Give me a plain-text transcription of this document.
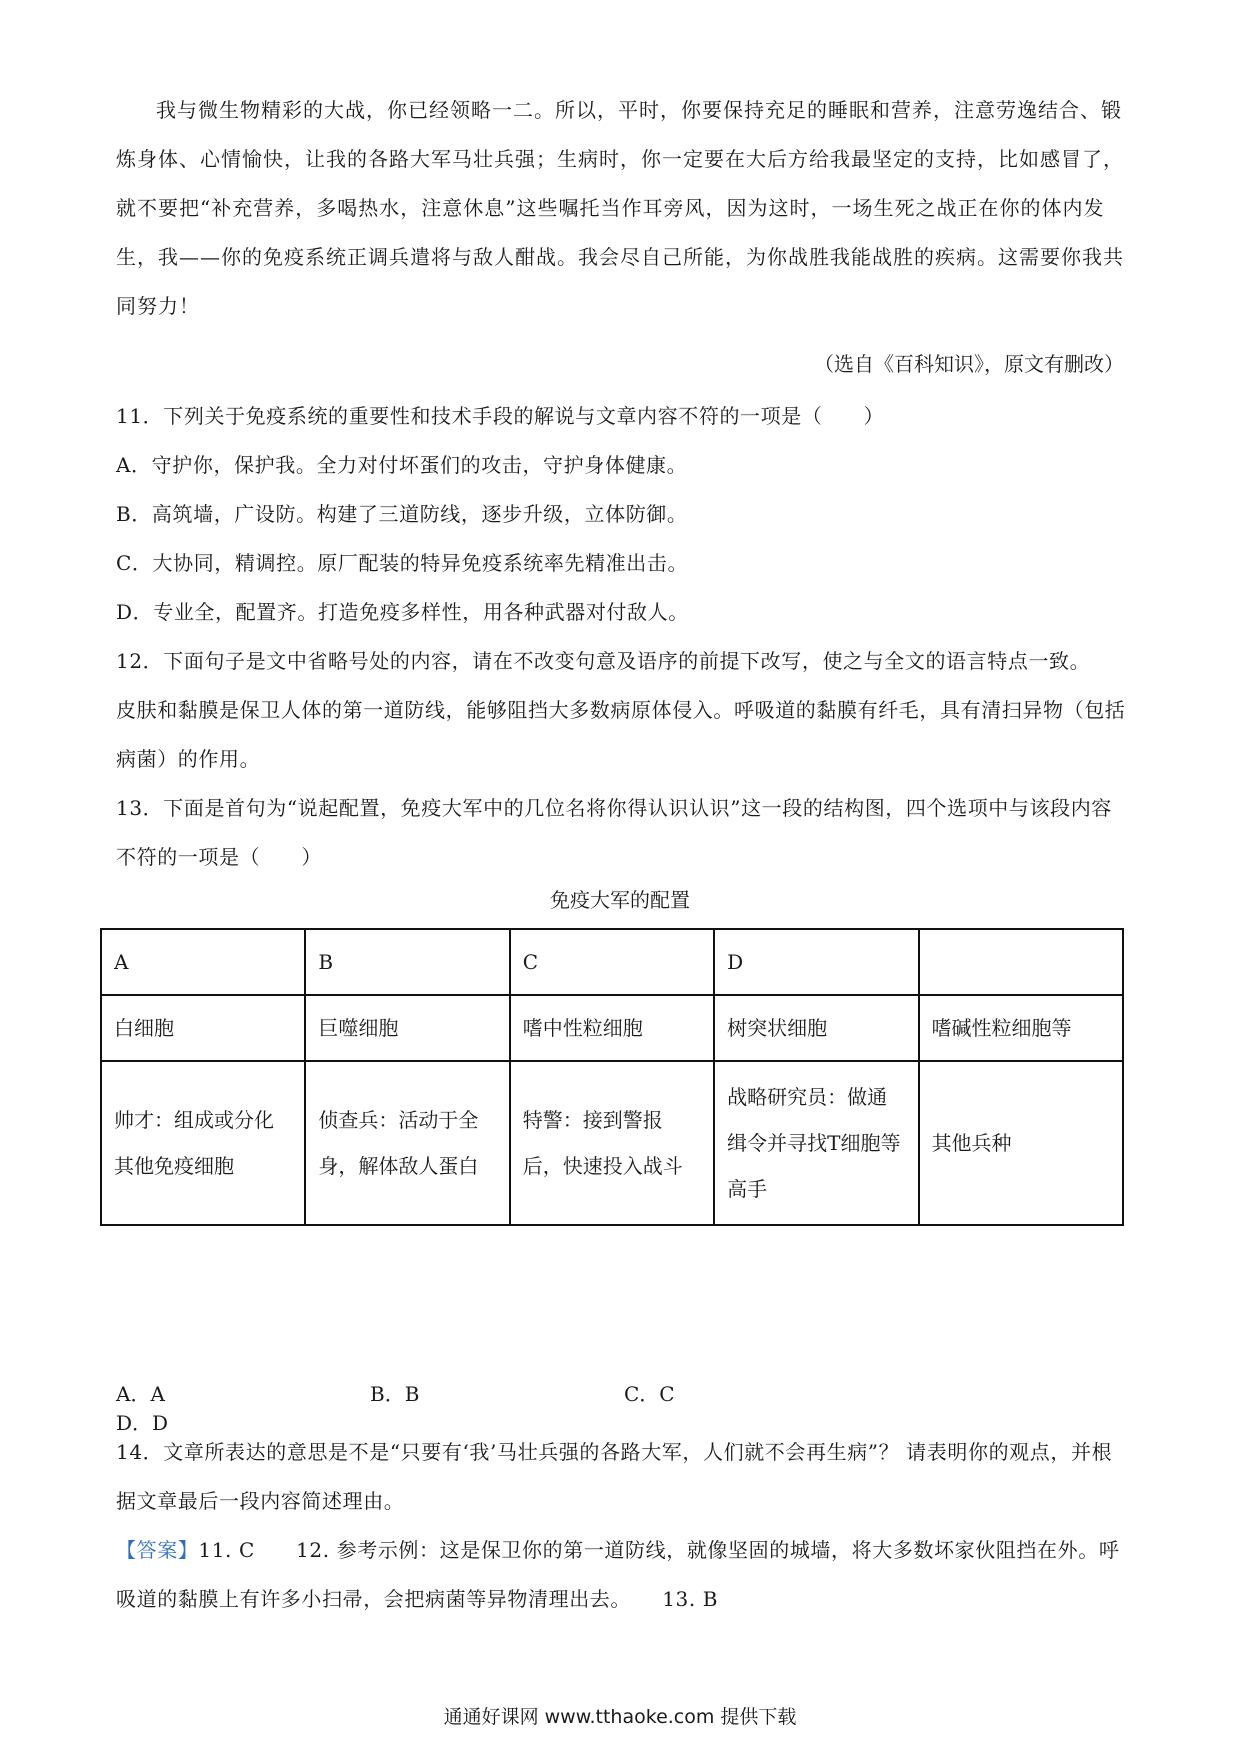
我与微生物精彩的大战，你已经领略一二。所以，平时，你要保持充足的睡眠和营养，注意劳逸结合、锻炼身体、心情愉快，让我的各路大军马壮兵强；生病时，你一定要在大后方给我最坚定的支持，比如感冒了，就不要把“补充营养，多喝热水，注意休息”这些嘱托当作耳旁风，因为这时，一场生死之战正在你的体内发生，我——你的免疫系统正调兵遣将与敌人酣战。我会尽自己所能，为你战胜我能战胜的疾病。这需要你我共同努力！

（选自《百科知识》，原文有删改）

11．下列关于免疫系统的重要性和技术手段的解说与文章内容不符的一项是（　　）

A．守护你，保护我。全力对付坏蛋们的攻击，守护身体健康。

B．高筑墙，广设防。构建了三道防线，逐步升级，立体防御。

C．大协同，精调控。原厂配装的特异免疫系统率先精准出击。

D．专业全，配置齐。打造免疫多样性，用各种武器对付敌人。

12．下面句子是文中省略号处的内容，请在不改变句意及语序的前提下改写，使之与全文的语言特点一致。

皮肤和黏膜是保卫人体的第一道防线，能够阻挡大多数病原体侵入。呼吸道的黏膜有纤毛，具有清扫异物（包括病菌）的作用。

13．下面是首句为“说起配置，免疫大军中的几位名将你得认识认识”这一段的结构图，四个选项中与该段内容不符的一项是（　　）

免疫大军的配置

A	B	C	D	
白细胞	巨噬细胞	嗜中性粒细胞	树突状细胞	嗜碱性粒细胞等
帅才：组成或分化其他免疫细胞	侦查兵：活动于全身，解体敌人蛋白	特警：接到警报后，快速投入战斗	战略研究员：做通缉令并寻找T细胞等高手	其他兵种

A．A	B．B	C．CD．D

14．文章所表达的意思是不是“只要有‘我’马壮兵强的各路大军，人们就不会再生病”？ 请表明你的观点，并根据文章最后一段内容简述理由。

【答案】11. C　　12. 参考示例：这是保卫你的第一道防线，就像坚固的城墙，将大多数坏家伙阻挡在外。呼吸道的黏膜上有许多小扫帚，会把病菌等异物清理出去。　　13. B

通通好课网 www.tthaoke.com 提供下载
